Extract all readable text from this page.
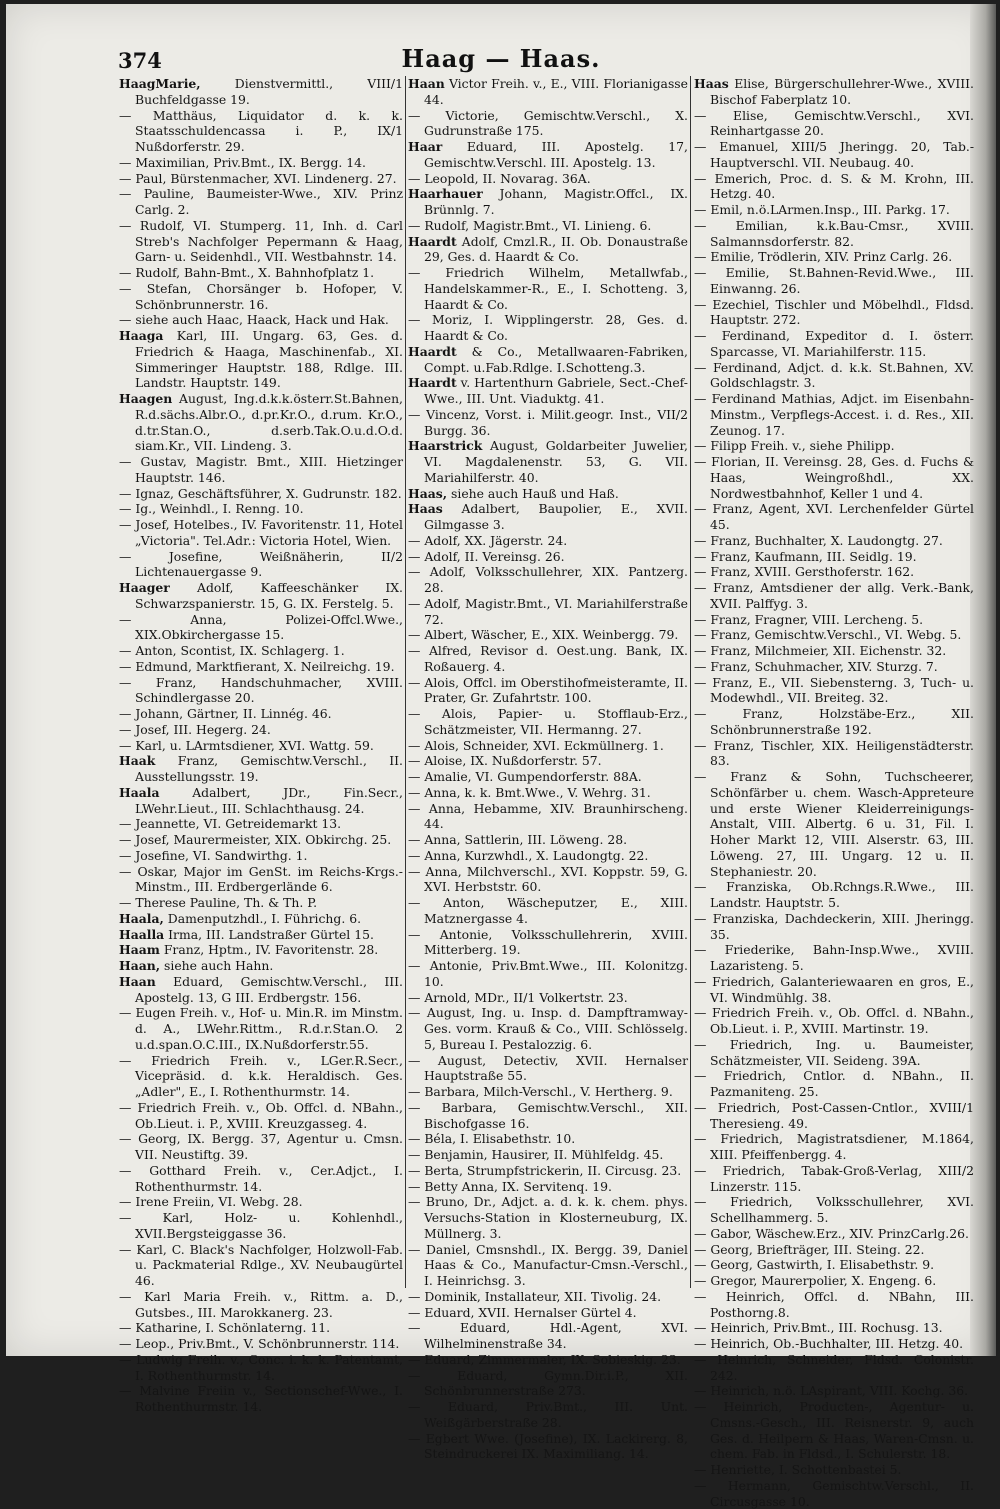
374	Haag — Haas.

HaagMarie, Dienstvermittl., VIII/1 Buchfeldgasse 19.

— Matthäus, Liquidator d. k. k. Staatsschuldencassa i. P., IX/1 Nußdorferstr. 29.

— Maximilian, Priv.Bmt., IX. Bergg. 14.

— Paul, Bürstenmacher, XVI. Lindenerg. 27.

— Pauline, Baumeister-Wwe., XIV. Prinz Carlg. 2.

— Rudolf, VI. Stumperg. 11, Inh. d. Carl Streb's Nachfolger Pepermann & Haag, Garn- u. Seidenhdl., VII. Westbahnstr. 14.

— Rudolf, Bahn-Bmt., X. Bahnhofplatz 1.

— Stefan, Chorsänger b. Hofoper, V. Schönbrunnerstr. 16.

— siehe auch Haac, Haack, Hack und Hak.

Haaga Karl, III. Ungarg. 63, Ges. d. Friedrich & Haaga, Maschinenfab., XI. Simmeringer Hauptstr. 188, Rdlge. III. Landstr. Hauptstr. 149.

Haagen August, Ing.d.k.k.österr.St.Bahnen, R.d.sächs.Albr.O., d.pr.Kr.O., d.rum. Kr.O., d.tr.Stan.O., d.serb.Tak.O.u.d.O.d. siam.Kr., VII. Lindeng. 3.

— Gustav, Magistr. Bmt., XIII. Hietzinger Hauptstr. 146.

— Ignaz, Geschäftsführer, X. Gudrunstr. 182.

— Ig., Weinhdl., I. Renng. 10.

— Josef, Hotelbes., IV. Favoritenstr. 11, Hotel „Victoria". Tel.Adr.: Victoria Hotel, Wien.

— Josefine, Weißnäherin, II/2 Lichtenauergasse 9.

Haager Adolf, Kaffeeschänker IX. Schwarzspanierstr. 15, G. IX. Ferstelg. 5.

— Anna, Polizei-Offcl.Wwe., XIX.Obkirchergasse 15.

— Anton, Scontist, IX. Schlagerg. 1.

— Edmund, Marktfierant, X. Neilreichg. 19.

— Franz, Handschuhmacher, XVIII. Schindlergasse 20.

— Johann, Gärtner, II. Linnég. 46.

— Josef, III. Hegerg. 24.

— Karl, u. LArmtsdiener, XVI. Wattg. 59.

Haak Franz, Gemischtw.Verschl., II. Ausstellungsstr. 19.

Haala Adalbert, JDr., Fin.Secr., LWehr.Lieut., III. Schlachthausg. 24.

— Jeannette, VI. Getreidemarkt 13.

— Josef, Maurermeister, XIX. Obkirchg. 25.

— Josefine, VI. Sandwirthg. 1.

— Oskar, Major im GenSt. im Reichs-Krgs.-Minstm., III. Erdbergerlände 6.

— Therese Pauline, Th. & Th. P.

Haala, Damenputzhdl., I. Führichg. 6.

Haalla Irma, III. Landstraßer Gürtel 15.

Haam Franz, Hptm., IV. Favoritenstr. 28.

Haan, siehe auch Hahn.

Haan Eduard, Gemischtw.Verschl., III. Apostelg. 13, G III. Erdbergstr. 156.

— Eugen Freih. v., Hof- u. Min.R. im Minstm. d. A., LWehr.Rittm., R.d.r.Stan.O. 2 u.d.span.O.C.III., IX.Nußdorferstr.55.

— Friedrich Freih. v., LGer.R.Secr., Vicepräsid. d. k.k. Heraldisch. Ges. „Adler", E., I. Rothenthurmstr. 14.

— Friedrich Freih. v., Ob. Offcl. d. NBahn., Ob.Lieut. i. P., XVIII. Kreuzgasseg. 4.

— Georg, IX. Bergg. 37, Agentur u. Cmsn. VII. Neustiftg. 39.

— Gotthard Freih. v., Cer.Adjct., I. Rothenthurmstr. 14.

— Irene Freiin, VI. Webg. 28.

— Karl, Holz- u. Kohlenhdl., XVII.Bergsteiggasse 36.

— Karl, C. Black's Nachfolger, Holzwoll-Fab. u. Packmaterial Rdlge., XV. Neubaugürtel 46.

— Karl Maria Freih. v., Rittm. a. D., Gutsbes., III. Marokkanerg. 23.

— Katharine, I. Schönlaterng. 11.

— Leop., Priv.Bmt., V. Schönbrunnerstr. 114.

— Ludwig Freih. v., Conc. i. k. k. Patentamt, I. Rothenthurmstr. 14.

— Malvine Freiin v., Sectionschef-Wwe., I. Rothenthurmstr. 14.

Haan Victor Freih. v., E., VIII. Florianigasse 44.

— Victorie, Gemischtw.Verschl., X. Gudrunstraße 175.

Haar Eduard, III. Apostelg. 17, Gemischtw.Verschl. III. Apostelg. 13.

— Leopold, II. Novarag. 36A.

Haarhauer Johann, Magistr.Offcl., IX. Brünnlg. 7.

— Rudolf, Magistr.Bmt., VI. Linieng. 6.

Haardt Adolf, Cmzl.R., II. Ob. Donaustraße 29, Ges. d. Haardt & Co.

— Friedrich Wilhelm, Metallwfab., Handelskammer-R., E., I. Schotteng. 3, Haardt & Co.

— Moriz, I. Wipplingerstr. 28, Ges. d. Haardt & Co.

Haardt & Co., Metallwaaren-Fabriken, Compt. u.Fab.Rdlge. I.Schotteng.3.

Haardt v. Hartenthurn Gabriele, Sect.-Chef-Wwe., III. Unt. Viaduktg. 41.

— Vincenz, Vorst. i. Milit.geogr. Inst., VII/2 Burgg. 36.

Haarstrick August, Goldarbeiter Juwelier, VI. Magdalenenstr. 53, G. VII. Mariahilferstr. 40.

Haas, siehe auch Hauß und Haß.

Haas Adalbert, Baupolier, E., XVII. Gilmgasse 3.

— Adolf, XX. Jägerstr. 24.

— Adolf, II. Vereinsg. 26.

— Adolf, Volksschullehrer, XIX. Pantzerg. 28.

— Adolf, Magistr.Bmt., VI. Mariahilferstraße 72.

— Albert, Wäscher, E., XIX. Weinbergg. 79.

— Alfred, Revisor d. Oest.ung. Bank, IX. Roßauerg. 4.

— Alois, Offcl. im Oberstihofmeisteramte, II. Prater, Gr. Zufahrtstr. 100.

— Alois, Papier- u. Stofflaub-Erz., Schätzmeister, VII. Hermanng. 27.

— Alois, Schneider, XVI. Eckmüllnerg. 1.

— Aloise, IX. Nußdorferstr. 57.

— Amalie, VI. Gumpendorferstr. 88A.

— Anna, k. k. Bmt.Wwe., V. Wehrg. 31.

— Anna, Hebamme, XIV. Braunhirscheng. 44.

— Anna, Sattlerin, III. Löweng. 28.

— Anna, Kurzwhdl., X. Laudongtg. 22.

— Anna, Milchverschl., XVI. Koppstr. 59, G. XVI. Herbststr. 60.

— Anton, Wäscheputzer, E., XIII. Matznergasse 4.

— Antonie, Volksschullehrerin, XVIII. Mitterberg. 19.

— Antonie, Priv.Bmt.Wwe., III. Kolonitzg. 10.

— Arnold, MDr., II/1 Volkertstr. 23.

— August, Ing. u. Insp. d. Dampftramway-Ges. vorm. Krauß & Co., VIII. Schlösselg. 5, Bureau I. Pestalozzig. 6.

— August, Detectiv, XVII. Hernalser Hauptstraße 55.

— Barbara, Milch-Verschl., V. Hertherg. 9.

— Barbara, Gemischtw.Verschl., XII. Bischofgasse 16.

— Béla, I. Elisabethstr. 10.

— Benjamin, Hausirer, II. Mühlfeldg. 45.

— Berta, Strumpfstrickerin, II. Circusg. 23.

— Betty Anna, IX. Servitenq. 19.

— Bruno, Dr., Adjct. a. d. k. k. chem. phys. Versuchs-Station in Klosterneuburg, IX. Müllnerg. 3.

— Daniel, Cmsnshdl., IX. Bergg. 39, Daniel Haas & Co., Manufactur-Cmsn.-Verschl., I. Heinrichsg. 3.

— Dominik, Installateur, XII. Tivolig. 24.

— Eduard, XVII. Hernalser Gürtel 4.

— Eduard, Hdl.-Agent, XVI. Wilhelminenstraße 34.

— Eduard, Zimmermaler, IX. Sobieskig. 23.

— Eduard, Gymn.Dir.i.P., XII. Schönbrunnerstraße 273.

— Eduard, Priv.Bmt., III. Unt. Weißgärberstraße 28.

— Egbert Wwe. (Josefine), IX. Lackirerg. 8, Steindruckerei IX. Maximiliang. 14.

Haas Elise, Bürgerschullehrer-Wwe., XVIII. Bischof Faberplatz 10.

— Elise, Gemischtw.Verschl., XVI. Reinhartgasse 20.

— Emanuel, XIII/5 Jheringg. 20, Tab.-Hauptverschl. VII. Neubaug. 40.

— Emerich, Proc. d. S. & M. Krohn, III. Hetzg. 40.

— Emil, n.ö.LArmen.Insp., III. Parkg. 17.

— Emilian, k.k.Bau-Cmsr., XVIII. Salmannsdorferstr. 82.

— Emilie, Trödlerin, XIV. Prinz Carlg. 26.

— Emilie, St.Bahnen-Revid.Wwe., III. Einwanng. 26.

— Ezechiel, Tischler und Möbelhdl., Fldsd. Hauptstr. 272.

— Ferdinand, Expeditor d. I. österr. Sparcasse, VI. Mariahilferstr. 115.

— Ferdinand, Adjct. d. k.k. St.Bahnen, XV. Goldschlagstr. 3.

— Ferdinand Mathias, Adjct. im Eisenbahn-Minstm., Verpflegs-Accest. i. d. Res., XII. Zeunog. 17.

— Filipp Freih. v., siehe Philipp.

— Florian, II. Vereinsg. 28, Ges. d. Fuchs & Haas, Weingroßhdl., XX. Nordwestbahnhof, Keller 1 und 4.

— Franz, Agent, XVI. Lerchenfelder Gürtel 45.

— Franz, Buchhalter, X. Laudongtg. 27.

— Franz, Kaufmann, III. Seidlg. 19.

— Franz, XVIII. Gersthoferstr. 162.

— Franz, Amtsdiener der allg. Verk.-Bank, XVII. Palffyg. 3.

— Franz, Fragner, VIII. Lercheng. 5.

— Franz, Gemischtw.Verschl., VI. Webg. 5.

— Franz, Milchmeier, XII. Eichenstr. 32.

— Franz, Schuhmacher, XIV. Sturzg. 7.

— Franz, E., VII. Siebensterng. 3, Tuch- u. Modewhdl., VII. Breiteg. 32.

— Franz, Holzstäbe-Erz., XII. Schönbrunnerstraße 192.

— Franz, Tischler, XIX. Heiligenstädterstr. 83.

— Franz & Sohn, Tuchscheerer, Schönfärber u. chem. Wasch-Appreteure und erste Wiener Kleiderreinigungs-Anstalt, VIII. Albertg. 6 u. 31, Fil. I. Hoher Markt 12, VIII. Alserstr. 63, III. Löweng. 27, III. Ungarg. 12 u. II. Stephaniestr. 20.

— Franziska, Ob.Rchngs.R.Wwe., III. Landstr. Hauptstr. 5.

— Franziska, Dachdeckerin, XIII. Jheringg. 35.

— Friederike, Bahn-Insp.Wwe., XVIII. Lazaristeng. 5.

— Friedrich, Galanteriewaaren en gros, E., VI. Windmühlg. 38.

— Friedrich Freih. v., Ob. Offcl. d. NBahn., Ob.Lieut. i. P., XVIII. Martinstr. 19.

— Friedrich, Ing. u. Baumeister, Schätzmeister, VII. Seideng. 39A.

— Friedrich, Cntlor. d. NBahn., II. Pazmaniteng. 25.

— Friedrich, Post-Cassen-Cntlor., XVIII/1 Theresieng. 49.

— Friedrich, Magistratsdiener, M.1864, XIII. Pfeiffenbergg. 4.

— Friedrich, Tabak-Groß-Verlag, XIII/2 Linzerstr. 115.

— Friedrich, Volksschullehrer, XVI. Schellhammerg. 5.

— Gabor, Wäschew.Erz., XIV. PrinzCarlg.26.

— Georg, Briefträger, III. Steing. 22.

— Georg, Gastwirth, I. Elisabethstr. 9.

— Gregor, Maurerpolier, X. Engeng. 6.

— Heinrich, Offcl. d. NBahn, III. Posthorng.8.

— Heinrich, Priv.Bmt., III. Rochusg. 13.

— Heinrich, Ob.-Buchhalter, III. Hetzg. 40.

— Heinrich, Schneider, Fldsd. Colonistr. 242.

— Heinrich, n.ö. LAspirant, VIII. Kochg. 36.

— Heinrich, Producten-, Agentur- u. Cmsns.-Gesch., III. Reisnerstr. 9, auch Ges. d. Heilpern & Haas, Waren-Cmsn. u. chem. Fab. in Fldsd., I. Schulerstr. 18.

— Henriette, I. Schottenbastei 5.

— Hermann, Gemischtw.Verschl., II. Circusgasse 10.
